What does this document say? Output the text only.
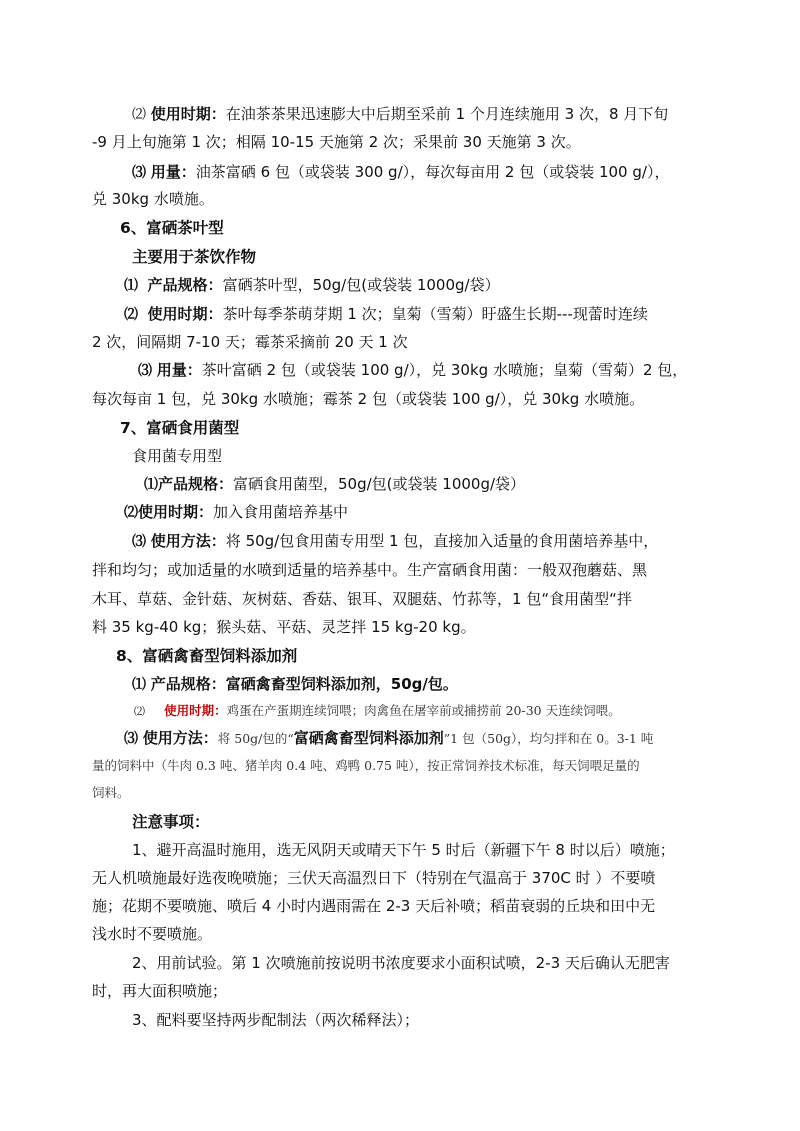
⑵ 使用时期：在油茶茶果迅速膨大中后期至采前 1 个月连续施用 3 次，8 月下旬
-9 月上旬施第 1 次；相隔 10-15 天施第 2 次；采果前 30 天施第 3 次。
⑶ 用量：油茶富硒 6 包（或袋装 300 g/），每次每亩用 2 包（或袋装 100 g/），
兑 30kg 水喷施。
6、富硒茶叶型
主要用于茶饮作物
⑴ 产品规格：富硒茶叶型，50g/包(或袋装 1000g/袋）
⑵ 使用时期：茶叶每季茶萌芽期 1 次；皇菊（雪菊）盱盛生长期---现蕾时连续
2 次，间隔期 7-10 天；霉茶采摘前 20 天 1 次
⑶ 用量：茶叶富硒 2 包（或袋装 100 g/），兑 30kg 水喷施；皇菊（雪菊）2 包，
每次每亩 1 包，兑 30kg 水喷施；霉茶 2 包（或袋装 100 g/），兑 30kg 水喷施。
7、富硒食用菌型
食用菌专用型
⑴产品规格：富硒食用菌型，50g/包(或袋装 1000g/袋）
⑵使用时期：加入食用菌培养基中
⑶ 使用方法：将 50g/包食用菌专用型 1 包，直接加入适量的食用菌培养基中，
拌和均匀；或加适量的水喷到适量的培养基中。生产富硒食用菌：一般双孢蘑菇、黑
木耳、草菇、金针菇、灰树菇、香菇、银耳、双腿菇、竹荪等，1 包“食用菌型“拌
料 35 kg-40 kg；猴头菇、平菇、灵芝拌 15 kg-20 kg。
8、富硒禽畜型饲料添加剂
⑴ 产品规格：富硒禽畜型饲料添加剂，50g/包。
⑵ 使用时期：鸡蛋在产蛋期连续饲喂；肉禽鱼在屠宰前或捕捞前 20-30 天连续饲喂。
⑶ 使用方法：将 50g/包的“富硒禽畜型饲料添加剂”1 包（50g），均匀拌和在 0。3-1 吨
量的饲料中（牛肉 0.3 吨、猪羊肉 0.4 吨、鸡鸭 0.75 吨），按正常饲养技术标准，每天饲喂足量的
饲料。
注意事项：
1、避开高温时施用，选无风阴天或晴天下午 5 时后（新疆下午 8 时以后）喷施；
无人机喷施最好选夜晚喷施；三伏天高温烈日下（特别在气温高于 370C 时 ）不要喷
施；花期不要喷施、喷后 4 小时内遇雨需在 2-3 天后补喷；稻苗衰弱的丘块和田中无
浅水时不要喷施。
2、用前试验。第 1 次喷施前按说明书浓度要求小面积试喷，2-3 天后确认无肥害
时，再大面积喷施；
3、配料要坚持两步配制法（两次稀释法）；
